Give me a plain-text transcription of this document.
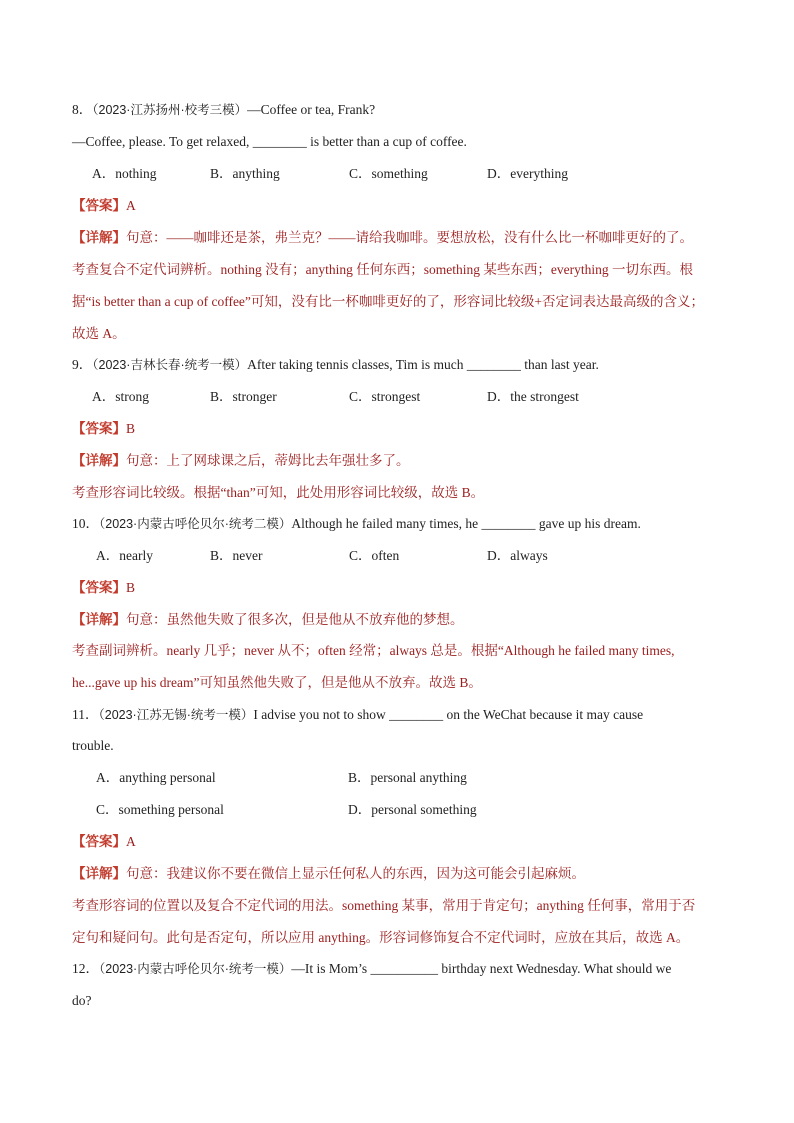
8．（2023·江苏扬州·校考三模）—Coffee or tea, Frank?
—Coffee, please. To get relaxed, ________ is better than a cup of coffee.
A．nothing	B．anything	C．something	D．everything
【答案】A
【详解】句意：——咖啡还是茶，弗兰克？——请给我咖啡。要想放松，没有什么比一杯咖啡更好的了。
考查复合不定代词辨析。nothing 没有；anything 任何东西；something 某些东西；everything 一切东西。根
据“is better than a cup of coffee”可知，没有比一杯咖啡更好的了，形容词比较级+否定词表达最高级的含义；
故选 A。
9．（2023·吉林长春·统考一模）After taking tennis classes, Tim is much ________ than last year.
A．strong	B．stronger	C．strongest	D．the strongest
【答案】B
【详解】句意：上了网球课之后，蒂姆比去年强壮多了。
考查形容词比较级。根据“than”可知，此处用形容词比较级，故选 B。
10．（2023·内蒙古呼伦贝尔·统考二模）Although he failed many times, he ________ gave up his dream.
A．nearly	B．never	C．often	D．always
【答案】B
【详解】句意：虽然他失败了很多次，但是他从不放弃他的梦想。
考查副词辨析。nearly 几乎；never 从不；often 经常；always 总是。根据“Although he failed many times,
he...gave up his dream”可知虽然他失败了，但是他从不放弃。故选 B。
11．（2023·江苏无锡·统考一模）I advise you not to show ________ on the WeChat because it may cause
trouble.
A．anything personal	B．personal anything
C．something personal	D．personal something
【答案】A
【详解】句意：我建议你不要在微信上显示任何私人的东西，因为这可能会引起麻烦。
考查形容词的位置以及复合不定代词的用法。something 某事，常用于肯定句；anything 任何事，常用于否
定句和疑问句。此句是否定句，所以应用 anything。形容词修饰复合不定代词时，应放在其后，故选 A。
12．（2023·内蒙古呼伦贝尔·统考一模）—It is Mom’s __________ birthday next Wednesday. What should we
do?
